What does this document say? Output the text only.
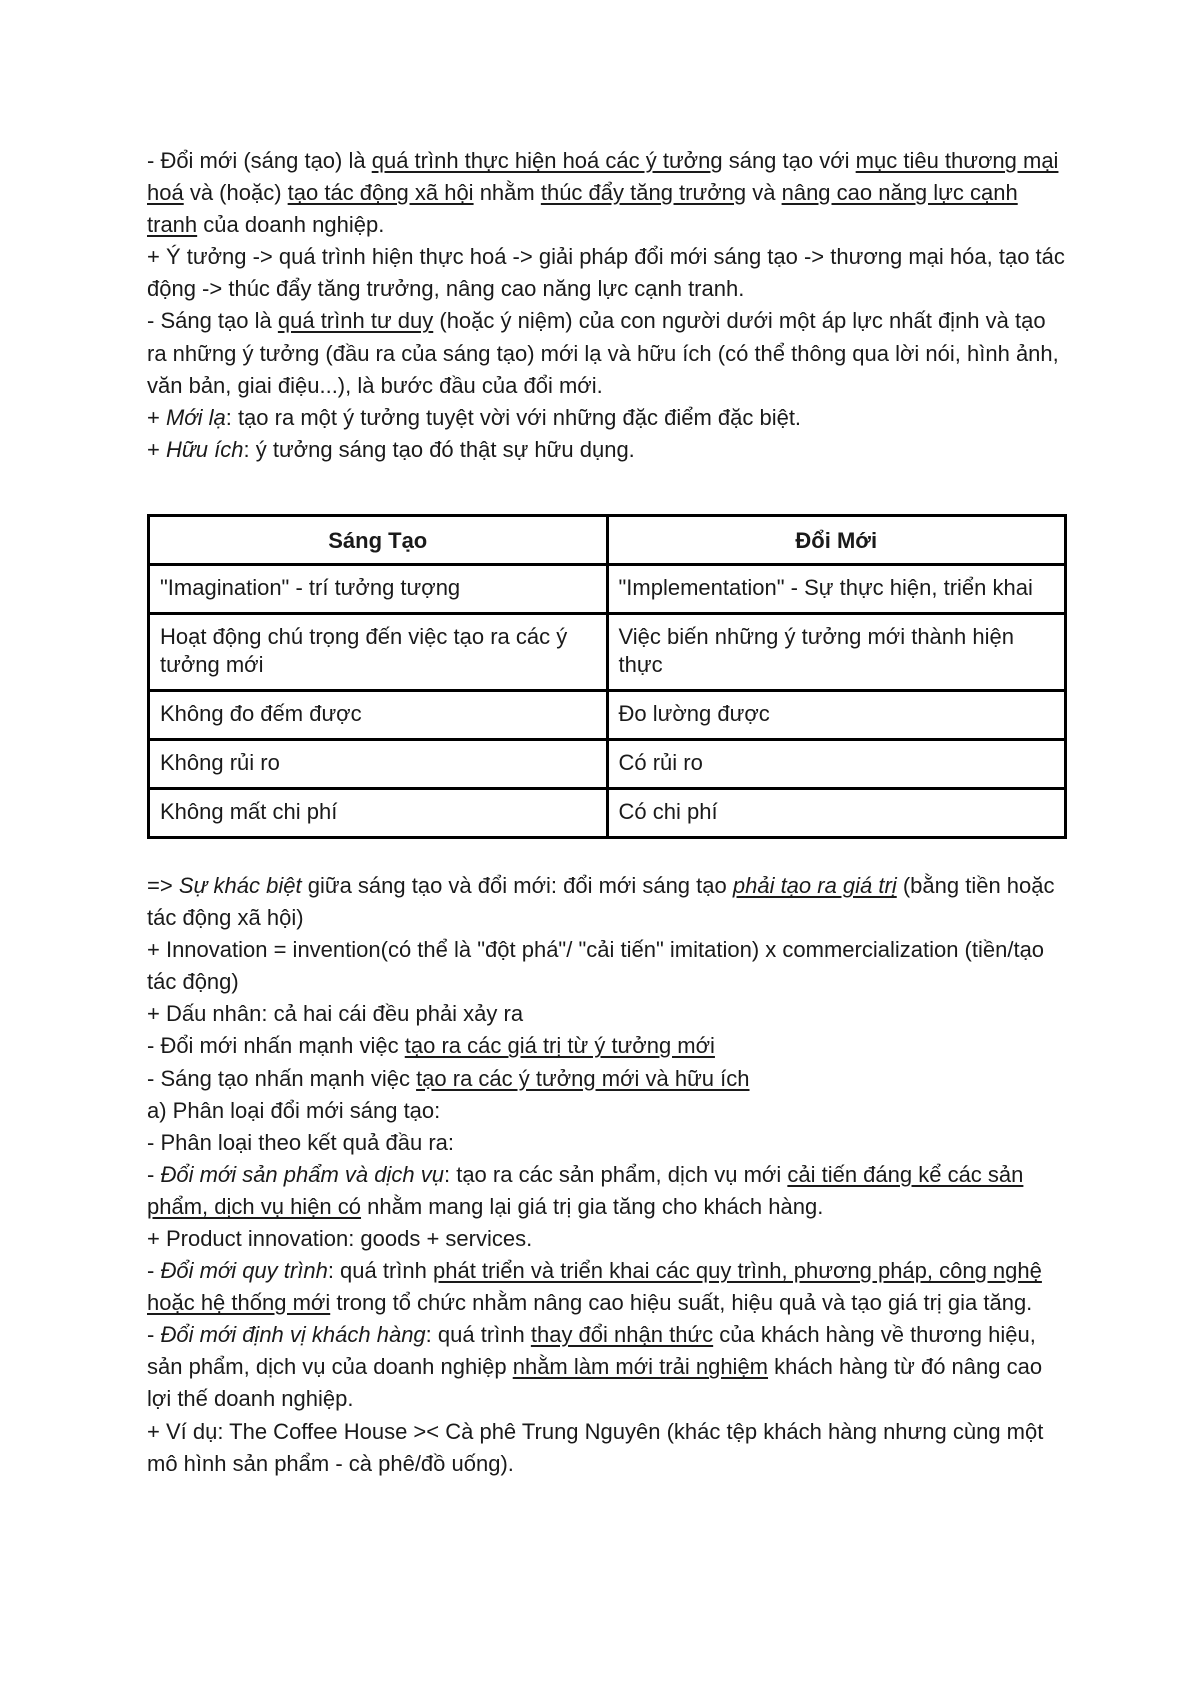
- Đổi mới (sáng tạo) là quá trình thực hiện hoá các ý tưởng sáng tạo với mục tiêu thương mại hoá và (hoặc) tạo tác động xã hội nhằm thúc đẩy tăng trưởng và nâng cao năng lực cạnh tranh của doanh nghiệp.

+ Ý tưởng -> quá trình hiện thực hoá -> giải pháp đổi mới sáng tạo -> thương mại hóa, tạo tác động -> thúc đẩy tăng trưởng, nâng cao năng lực cạnh tranh.

- Sáng tạo là quá trình tư duy (hoặc ý niệm) của con người dưới một áp lực nhất định và tạo ra những ý tưởng (đầu ra của sáng tạo) mới lạ và hữu ích (có thể thông qua lời nói, hình ảnh, văn bản, giai điệu...), là bước đầu của đổi mới.

+ Mới lạ: tạo ra một ý tưởng tuyệt vời với những đặc điểm đặc biệt.

+ Hữu ích: ý tưởng sáng tạo đó thật sự hữu dụng.

Sáng Tạo	Đổi Mới
"Imagination" - trí tưởng tượng	"Implementation" - Sự thực hiện, triển khai
Hoạt động chú trọng đến việc tạo ra các ý tưởng mới	Việc biến những ý tưởng mới thành hiện thực
Không đo đếm được	Đo lường được
Không rủi ro	Có rủi ro
Không mất chi phí	Có chi phí

=> Sự khác biệt giữa sáng tạo và đổi mới: đổi mới sáng tạo phải tạo ra giá trị (bằng tiền hoặc tác động xã hội)

+ Innovation = invention(có thể là "đột phá"/ "cải tiến" imitation) x commercialization (tiền/tạo tác động)

+ Dấu nhân: cả hai cái đều phải xảy ra

- Đổi mới nhấn mạnh việc tạo ra các giá trị từ ý tưởng mới

- Sáng tạo nhấn mạnh việc tạo ra các ý tưởng mới và hữu ích

a) Phân loại đổi mới sáng tạo:

- Phân loại theo kết quả đầu ra:

- Đổi mới sản phẩm và dịch vụ: tạo ra các sản phẩm, dịch vụ mới cải tiến đáng kể các sản phẩm, dịch vụ hiện có nhằm mang lại giá trị gia tăng cho khách hàng.

+ Product innovation: goods + services.

- Đổi mới quy trình: quá trình phát triển và triển khai các quy trình, phương pháp, công nghệ hoặc hệ thống mới trong tổ chức nhằm nâng cao hiệu suất, hiệu quả và tạo giá trị gia tăng.

- Đổi mới định vị khách hàng: quá trình thay đổi nhận thức của khách hàng về thương hiệu, sản phẩm, dịch vụ của doanh nghiệp nhằm làm mới trải nghiệm khách hàng từ đó nâng cao lợi thế doanh nghiệp.

+ Ví dụ: The Coffee House >< Cà phê Trung Nguyên (khác tệp khách hàng nhưng cùng một mô hình sản phẩm - cà phê/đồ uống).
